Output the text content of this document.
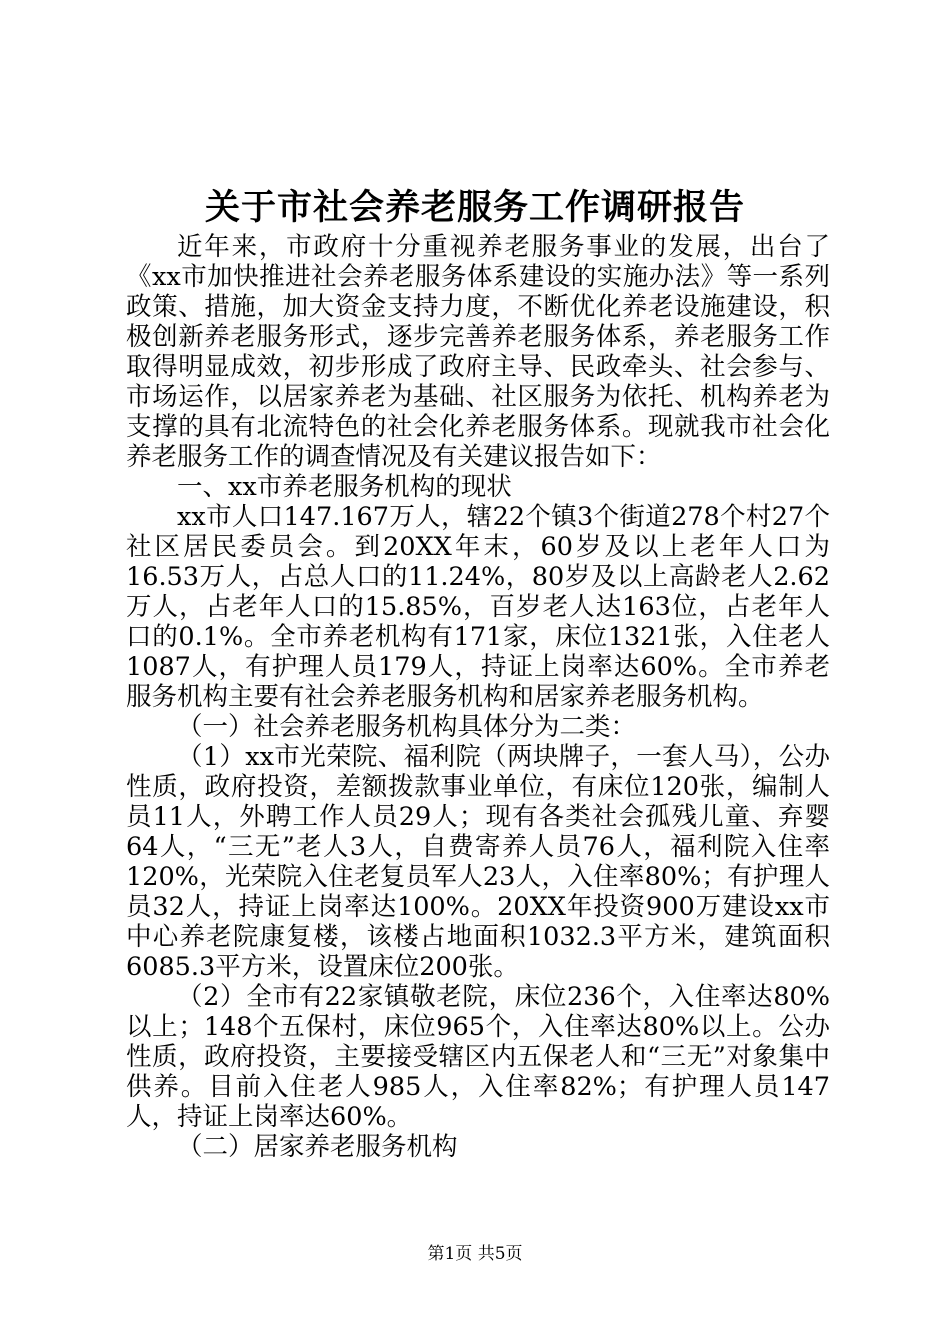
关于市社会养老服务工作调研报告

近年来，市政府十分重视养老服务事业的发展，出台了《xx市加快推进社会养老服务体系建设的实施办法》等一系列政策、措施，加大资金支持力度，不断优化养老设施建设，积极创新养老服务形式，逐步完善养老服务体系，养老服务工作取得明显成效，初步形成了政府主导、民政牵头、社会参与、市场运作，以居家养老为基础、社区服务为依托、机构养老为支撑的具有北流特色的社会化养老服务体系。现就我市社会化养老服务工作的调查情况及有关建议报告如下：

一、xx市养老服务机构的现状

xx市人口147.167万人，辖22个镇3个街道278个村27个社区居民委员会。到20XX年末，60岁及以上老年人口为16.53万人，占总人口的11.24%，80岁及以上高龄老人2.62万人，占老年人口的15.85%，百岁老人达163位，占老年人口的0.1%。全市养老机构有171家，床位1321张，入住老人1087人，有护理人员179人，持证上岗率达60%。全市养老服务机构主要有社会养老服务机构和居家养老服务机构。

（一）社会养老服务机构具体分为二类：

（1）xx市光荣院、福利院（两块牌子，一套人马），公办性质，政府投资，差额拨款事业单位，有床位120张，编制人员11人，外聘工作人员29人；现有各类社会孤残儿童、弃婴64人，“三无”老人3人，自费寄养人员76人，福利院入住率120%，光荣院入住老复员军人23人，入住率80%；有护理人员32人，持证上岗率达100%。20XX年投资900万建设xx市中心养老院康复楼，该楼占地面积1032.3平方米，建筑面积6085.3平方米，设置床位200张。

（2）全市有22家镇敬老院，床位236个，入住率达80%以上；148个五保村，床位965个，入住率达80%以上。公办性质，政府投资，主要接受辖区内五保老人和“三无”对象集中供养。目前入住老人985人，入住率82%；有护理人员147人，持证上岗率达60%。

（二）居家养老服务机构

第1页 共5页
